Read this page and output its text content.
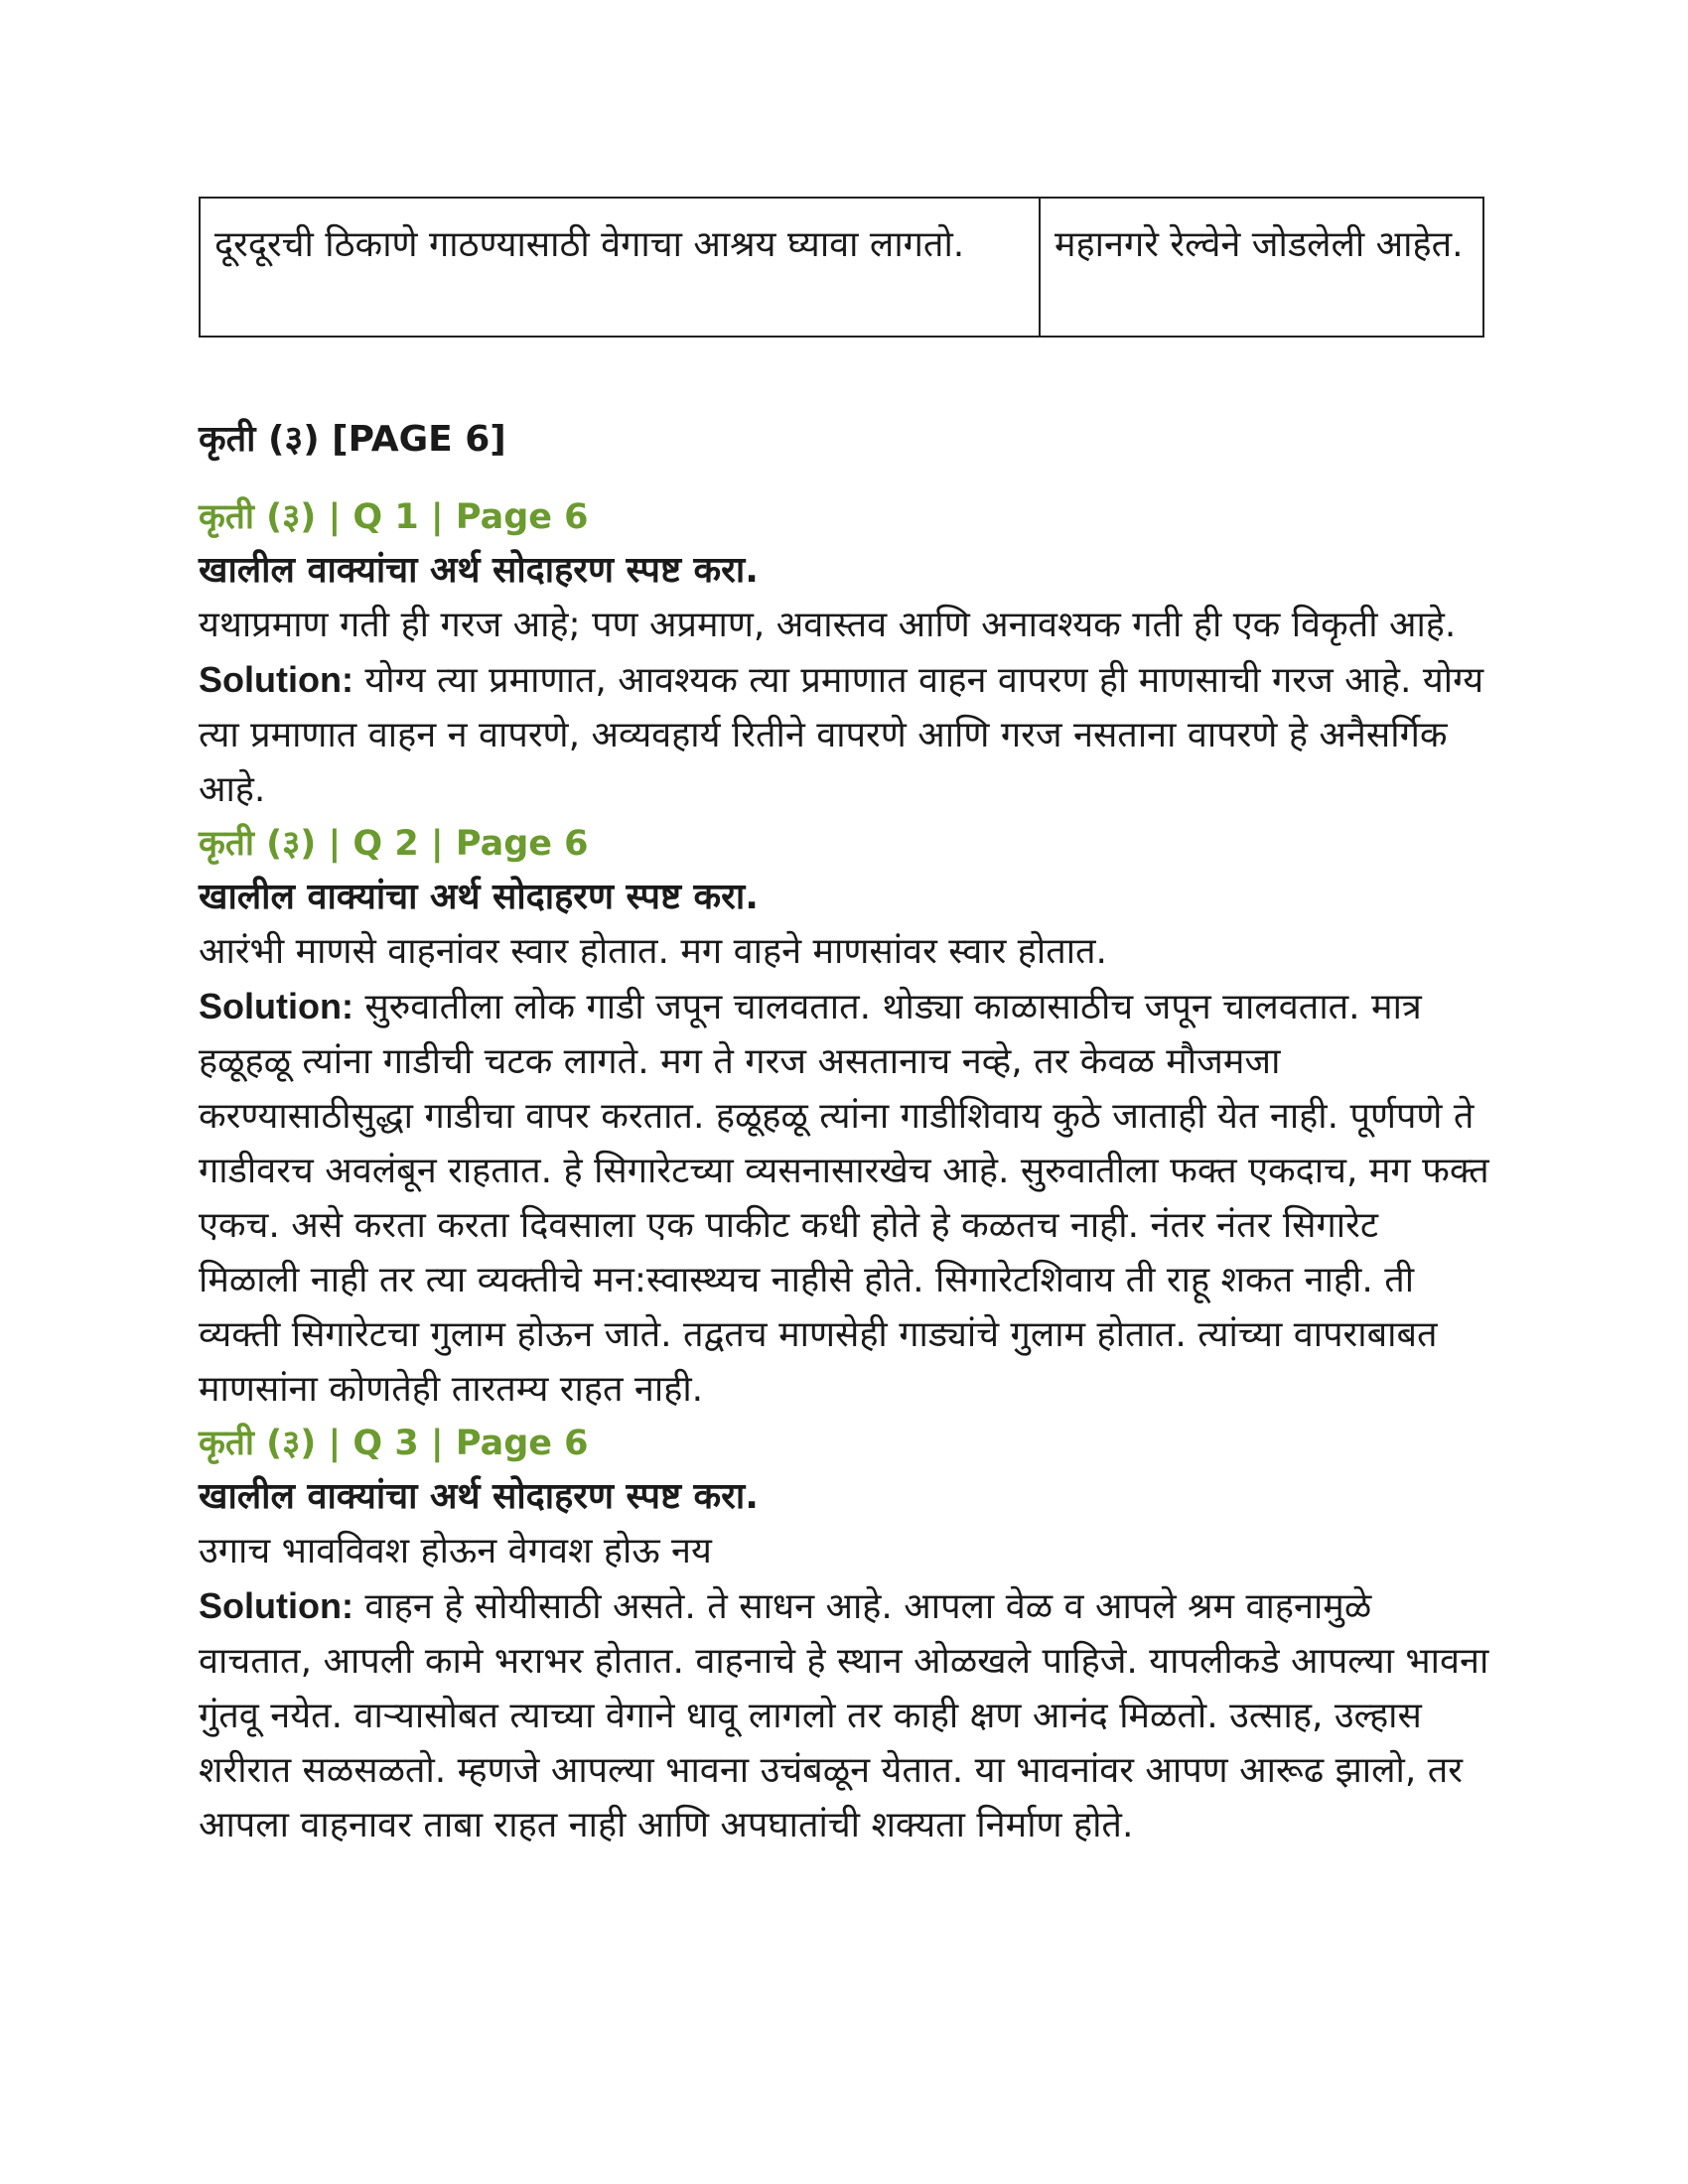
दूरदूरची ठिकाणे गाठण्यासाठी वेगाचा आश्रय घ्यावा लागतो.	महानगरे रेल्वेने जोडलेली आहेत.
कृती (३) [PAGE 6]
कृती (३) | Q 1 | Page 6
खालील वाक्यांचा अर्थ सोदाहरण स्पष्ट करा.
यथाप्रमाण गती ही गरज आहे; पण अप्रमाण, अवास्तव आणि अनावश्यक गती ही एक विकृती आहे.
Solution: योग्य त्या प्रमाणात, आवश्यक त्या प्रमाणात वाहन वापरण ही माणसाची गरज आहे. योग्य त्या प्रमाणात वाहन न वापरणे, अव्यवहार्य रितीने वापरणे आणि गरज नसताना वापरणे हे अनैसर्गिक आहे.
कृती (३) | Q 2 | Page 6
खालील वाक्यांचा अर्थ सोदाहरण स्पष्ट करा.
आरंभी माणसे वाहनांवर स्वार होतात. मग वाहने माणसांवर स्वार होतात.
Solution: सुरुवातीला लोक गाडी जपून चालवतात. थोड्या काळासाठीच जपून चालवतात. मात्र हळूहळू त्यांना गाडीची चटक लागते. मग ते गरज असतानाच नव्हे, तर केवळ मौजमजा करण्यासाठीसुद्धा गाडीचा वापर करतात. हळूहळू त्यांना गाडीशिवाय कुठे जाताही येत नाही. पूर्णपणे ते गाडीवरच अवलंबून राहतात. हे सिगारेटच्या व्यसनासारखेच आहे. सुरुवातीला फक्त एकदाच, मग फक्त एकच. असे करता करता दिवसाला एक पाकीट कधी होते हे कळतच नाही. नंतर नंतर सिगारेट मिळाली नाही तर त्या व्यक्तीचे मन:स्वास्थ्यच नाहीसे होते. सिगारेटशिवाय ती राहू शकत नाही. ती व्यक्ती सिगारेटचा गुलाम होऊन जाते. तद्वतच माणसेही गाड्यांचे गुलाम होतात. त्यांच्या वापराबाबत माणसांना कोणतेही तारतम्य राहत नाही.
कृती (३) | Q 3 | Page 6
खालील वाक्यांचा अर्थ सोदाहरण स्पष्ट करा.
उगाच भावविवश होऊन वेगवश होऊ नय
Solution: वाहन हे सोयीसाठी असते. ते साधन आहे. आपला वेळ व आपले श्रम वाहनामुळे वाचतात, आपली कामे भराभर होतात. वाहनाचे हे स्थान ओळखले पाहिजे. यापलीकडे आपल्या भावना गुंतवू नयेत. वाऱ्यासोबत त्याच्या वेगाने धावू लागलो तर काही क्षण आनंद मिळतो. उत्साह, उल्हास शरीरात सळसळतो. म्हणजे आपल्या भावना उचंबळून येतात. या भावनांवर आपण आरूढ झालो, तर आपला वाहनावर ताबा राहत नाही आणि अपघातांची शक्यता निर्माण होते.
